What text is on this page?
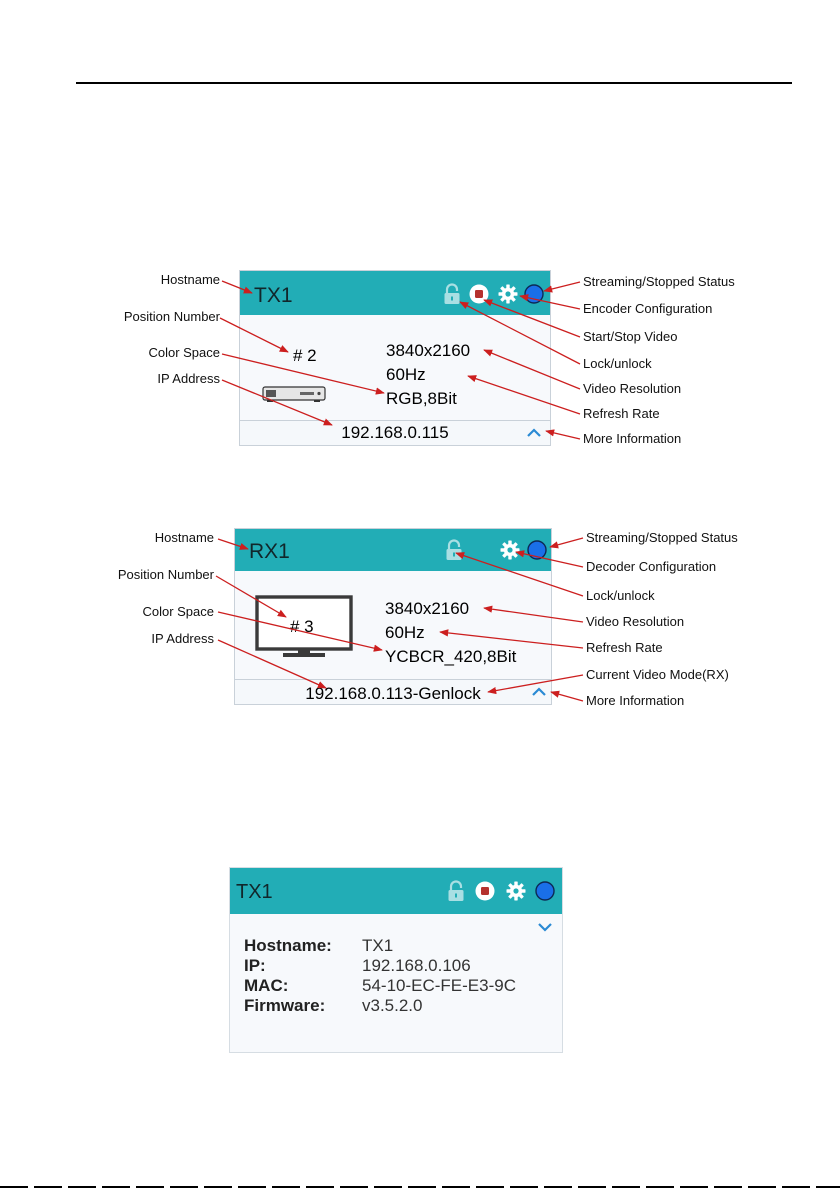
TX1
# 2	3840x2160
60Hz
RGB,8Bit
192.168.0.115
Hostname
Position Number
Color Space
IP Address
Streaming/Stopped Status
Encoder Configuration
Start/Stop Video
Lock/unlock
Video Resolution
Refresh Rate
More Information
RX1
# 3
3840x2160
60Hz
YCBCR_420,8Bit
192.168.0.113-Genlock
Hostname
Position Number
Color Space
IP Address
Streaming/Stopped Status
Decoder Configuration
Lock/unlock
Video Resolution
Refresh Rate
Current Video Mode(RX)
More Information
TX1
Hostname:	TX1
IP:	192.168.0.106
MAC:	54-10-EC-FE-E3-9C
Firmware:	v3.5.2.0
